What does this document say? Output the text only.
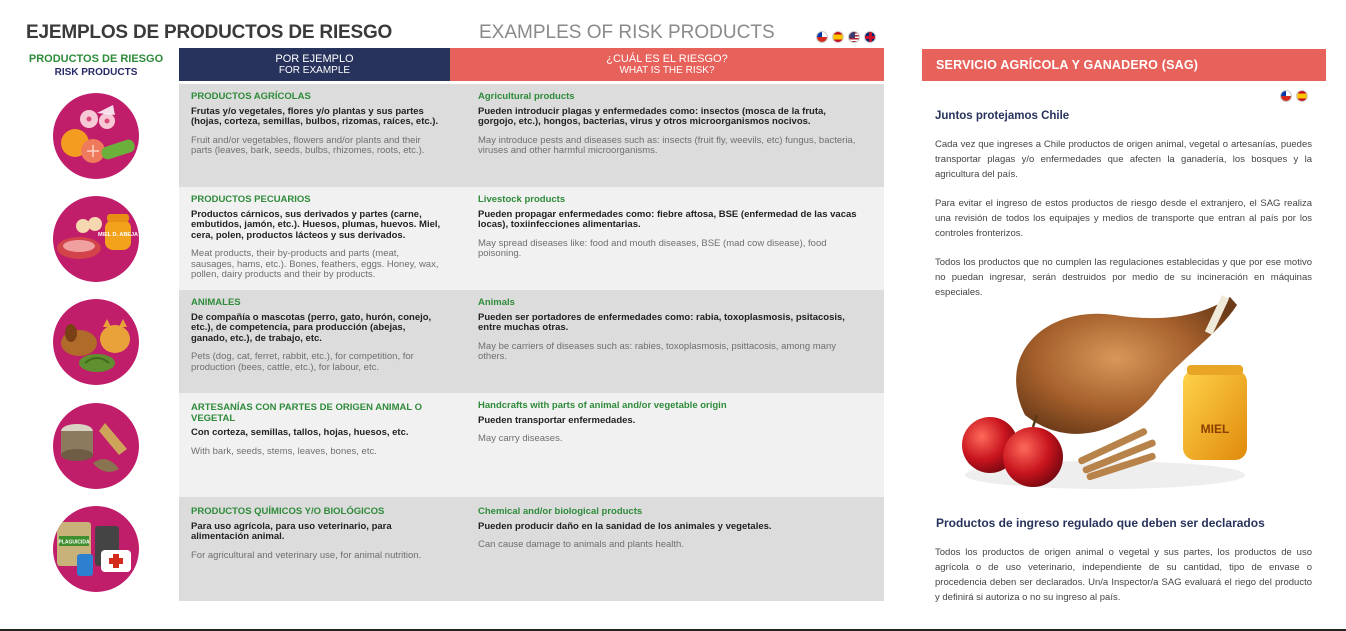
EJEMPLOS DE PRODUCTOS DE RIESGO	EXAMPLES OF RISK PRODUCTS
PRODUCTOS DE RIESGO
RISK PRODUCTS
POR EJEMPLO
FOR EXAMPLE
¿CUÁL ES EL RIESGO?
WHAT IS THE RISK?
PRODUCTOS AGRÍCOLAS
Frutas y/o vegetales, flores y/o plantas y sus partes (hojas, corteza, semillas, bulbos, rizomas, raíces, etc.).
Fruit and/or vegetables, flowers and/or plants and their parts (leaves, bark, seeds, bulbs, rhizomes, roots, etc.).
Agricultural products
Pueden introducir plagas y enfermedades como: insectos (mosca de la fruta, gorgojo, etc.), hongos, bacterias, virus y otros microorganismos nocivos.
May introduce pests and diseases such as: insects (fruit fly, weevils, etc) fungus, bacteria, viruses and other harmful microorganisms.
PRODUCTOS PECUARIOS
Productos cárnicos, sus derivados y partes (carne, embutidos, jamón, etc.). Huesos, plumas, huevos. Miel, cera, polen, productos lácteos y sus derivados.
Meat products, their by-products and parts (meat, sausages, hams, etc.). Bones, feathers, eggs. Honey, wax, pollen, dairy products and their by products.
Livestock products
Pueden propagar enfermedades como: fiebre aftosa, BSE (enfermedad de las vacas locas), toxiinfecciones alimentarias.
May spread diseases like: food and mouth diseases, BSE (mad cow disease), food poisoning.
MIEL D. ABEJA
ANIMALES
De compañía o mascotas (perro, gato, hurón, conejo, etc.), de competencia, para producción (abejas, ganado, etc.), de trabajo, etc.
Pets (dog, cat, ferret, rabbit, etc.), for competition, for production (bees, cattle, etc.), for labour, etc.
Animals
Pueden ser portadores de enfermedades como: rabia, toxoplasmosis, psitacosis, entre muchas otras.
May be carriers of diseases such as: rabies, toxoplasmosis, psittacosis, among many others.
ARTESANÍAS CON PARTES DE ORIGEN ANIMAL O VEGETAL
Con corteza, semillas, tallos, hojas, huesos, etc.
With bark, seeds, stems, leaves, bones, etc.
Handcrafts with parts of animal and/or vegetable origin
Pueden transportar enfermedades.
May carry diseases.
PRODUCTOS QUÍMICOS Y/O BIOLÓGICOS
Para uso agrícola, para uso veterinario, para alimentación animal.
For agricultural and veterinary use, for animal nutrition.
Chemical and/or biological products
Pueden producir daño en la sanidad de los animales y vegetales.
Can cause damage to animals and plants health.
PLAGUICIDA
SERVICIO AGRÍCOLA Y GANADERO (SAG)
Juntos protejamos Chile
Cada vez que ingreses a Chile productos de origen animal, vegetal o artesanías, puedes transportar plagas y/o enfermedades que afecten la ganadería, los bosques y la agricultura del país.
Para evitar el ingreso de estos productos de riesgo desde el extranjero, el SAG realiza una revisión de todos los equipajes y medios de transporte que entran al país por los controles fronterizos.
Todos los productos que no cumplen las regulaciones establecidas y que por ese motivo no puedan ingresar, serán destruidos por medio de su incineración en máquinas especiales.
MIEL
Productos de ingreso regulado que deben ser declarados
Todos los productos de origen animal o vegetal y sus partes, los productos de uso agrícola o de uso veterinario, independiente de su cantidad, tipo de envase o procedencia deben ser declarados. Un/a Inspector/a SAG evaluará el riego del producto y definirá si autoriza o no su ingreso al país.
